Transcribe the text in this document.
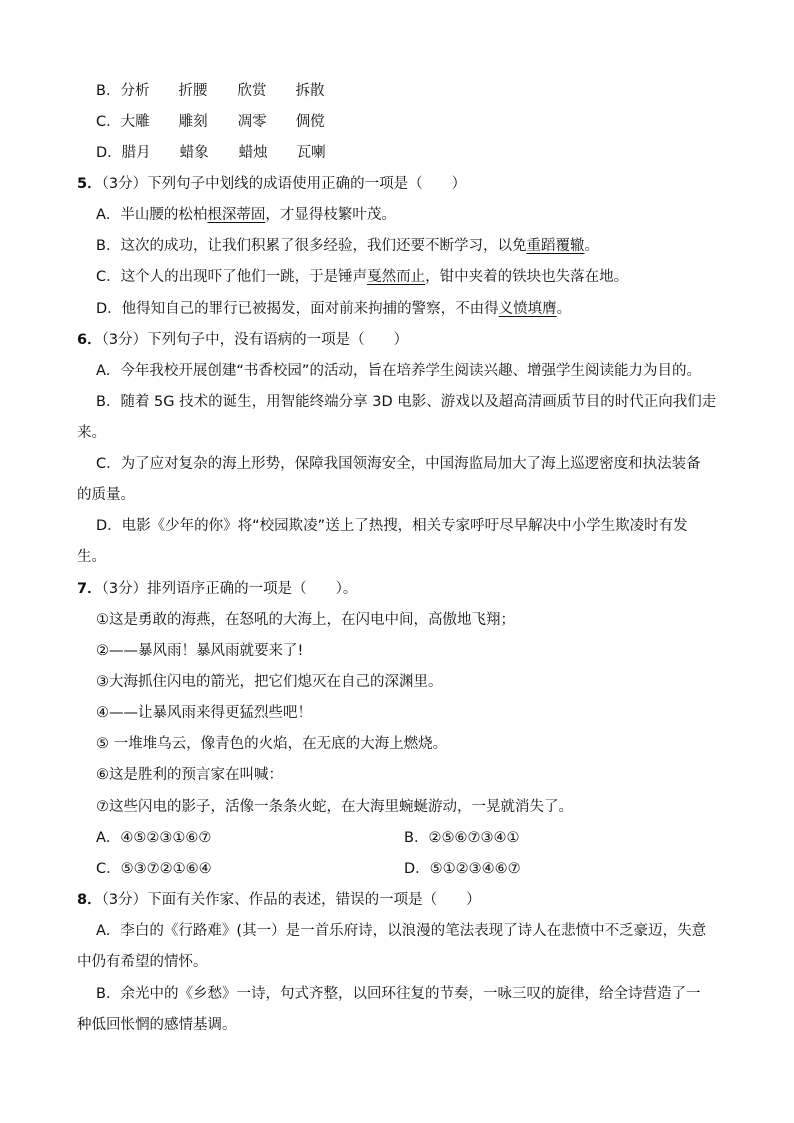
B．分析 折腰 欣赏 拆散
C．大雕 雕刻 凋零 倜傥
D．腊月 蜡象 蜡烛 瓦喇
5．（3分）下列句子中划线的成语使用正确的一项是（　　）
A．半山腰的松柏根深蒂固，才显得枝繁叶茂。
B．这次的成功，让我们积累了很多经验，我们还要不断学习，以免重蹈覆辙。
C．这个人的出现吓了他们一跳，于是锤声戛然而止，钳中夹着的铁块也失落在地。
D．他得知自己的罪行已被揭发，面对前来拘捕的警察，不由得义愤填膺。
6．（3分）下列句子中，没有语病的一项是（　　）
A．今年我校开展创建“书香校园”的活动，旨在培养学生阅读兴趣、增强学生阅读能力为目的。
B．随着 5G 技术的诞生，用智能终端分享 3D 电影、游戏以及超高清画质节目的时代正向我们走
来。
C．为了应对复杂的海上形势，保障我国领海安全，中国海监局加大了海上巡逻密度和执法装备
的质量。
D．电影《少年的你》将“校园欺凌”送上了热搜，相关专家呼吁尽早解决中小学生欺凌时有发
生。
7．（3分）排列语序正确的一项是（　　）。
①这是勇敢的海燕，在怒吼的大海上，在闪电中间，高傲地飞翔；
②——暴风雨！暴风雨就要来了!
③大海抓住闪电的箭光，把它们熄灭在自己的深渊里。
④——让暴风雨来得更猛烈些吧！
⑤ 一堆堆乌云，像青色的火焰，在无底的大海上燃烧。
⑥这是胜利的预言家在叫喊：
⑦这些闪电的影子，活像一条条火蛇，在大海里蜿蜒游动，一晃就消失了。
A．④⑤②③①⑥⑦	B．②⑤⑥⑦③④①
C．⑤③⑦②①⑥④	D．⑤①②③④⑥⑦
8．（3分）下面有关作家、作品的表述，错误的一项是（　　）
A．李白的《行路难》(其一）是一首乐府诗，以浪漫的笔法表现了诗人在悲愤中不乏豪迈，失意
中仍有希望的情怀。
B．余光中的《乡愁》一诗，句式齐整，以回环往复的节奏，一咏三叹的旋律，给全诗营造了一
种低回怅惘的感情基调。
